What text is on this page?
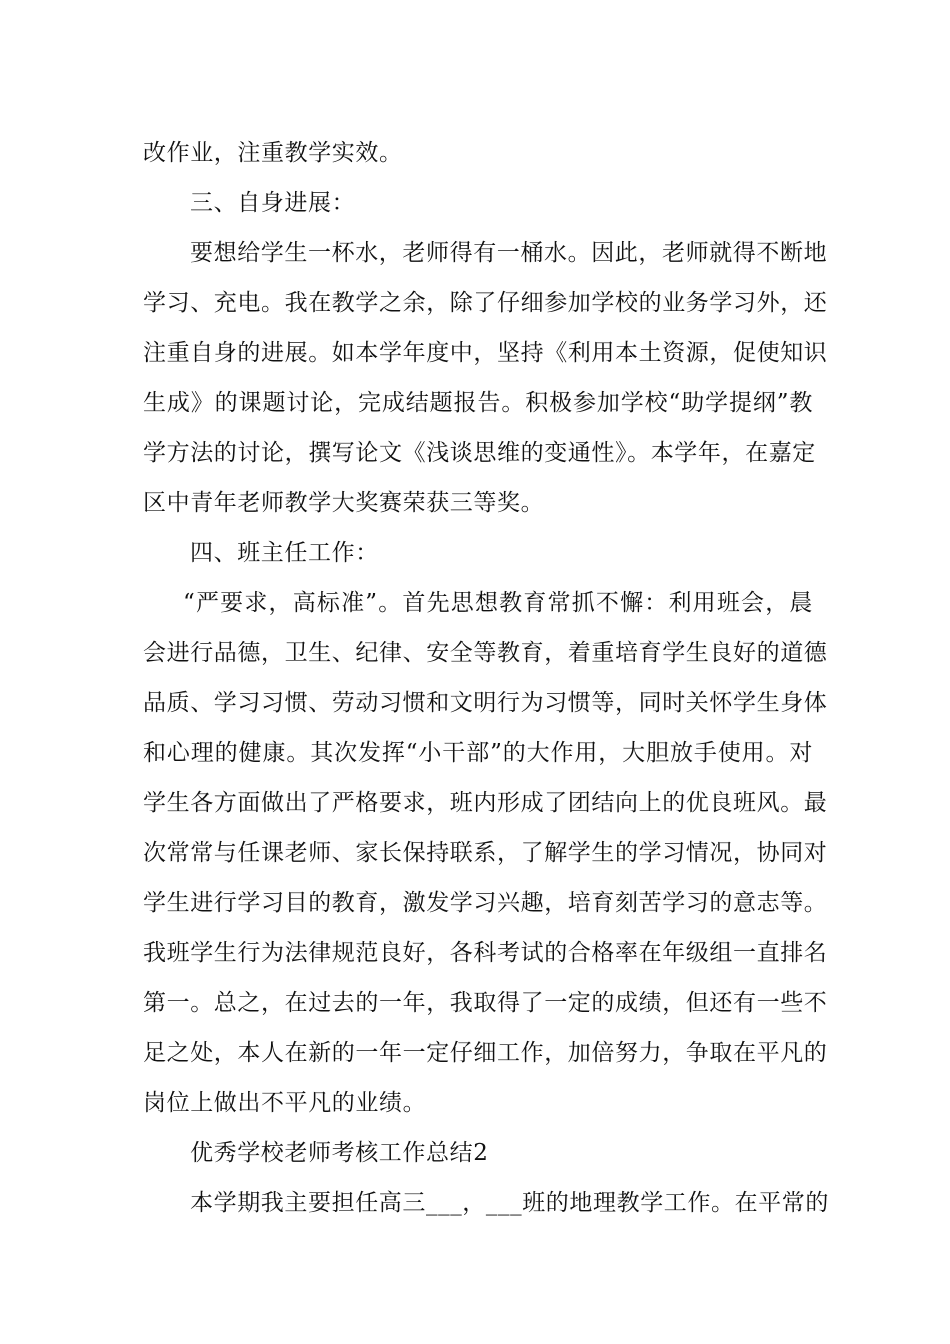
改作业，注重教学实效。
三、自身进展：
要想给学生一杯水，老师得有一桶水。因此，老师就得不断地
学习、充电。我在教学之余，除了仔细参加学校的业务学习外，还
注重自身的进展。如本学年度中，坚持《利用本土资源，促使知识
生成》的课题讨论，完成结题报告。积极参加学校“助学提纲”教
学方法的讨论，撰写论文《浅谈思维的变通性》。本学年，在嘉定
区中青年老师教学大奖赛荣获三等奖。
四、班主任工作：
“严要求，高标准”。首先思想教育常抓不懈：利用班会，晨
会进行品德，卫生、纪律、安全等教育，着重培育学生良好的道德
品质、学习习惯、劳动习惯和文明行为习惯等，同时关怀学生身体
和心理的健康。其次发挥“小干部”的大作用，大胆放手使用。对
学生各方面做出了严格要求，班内形成了团结向上的优良班风。最
次常常与任课老师、家长保持联系，了解学生的学习情况，协同对
学生进行学习目的教育，激发学习兴趣，培育刻苦学习的意志等。
我班学生行为法律规范良好，各科考试的合格率在年级组一直排名
第一。总之，在过去的一年，我取得了一定的成绩，但还有一些不
足之处，本人在新的一年一定仔细工作，加倍努力，争取在平凡的
岗位上做出不平凡的业绩。
优秀学校老师考核工作总结2
本学期我主要担任高三___，___班的地理教学工作。在平常的
